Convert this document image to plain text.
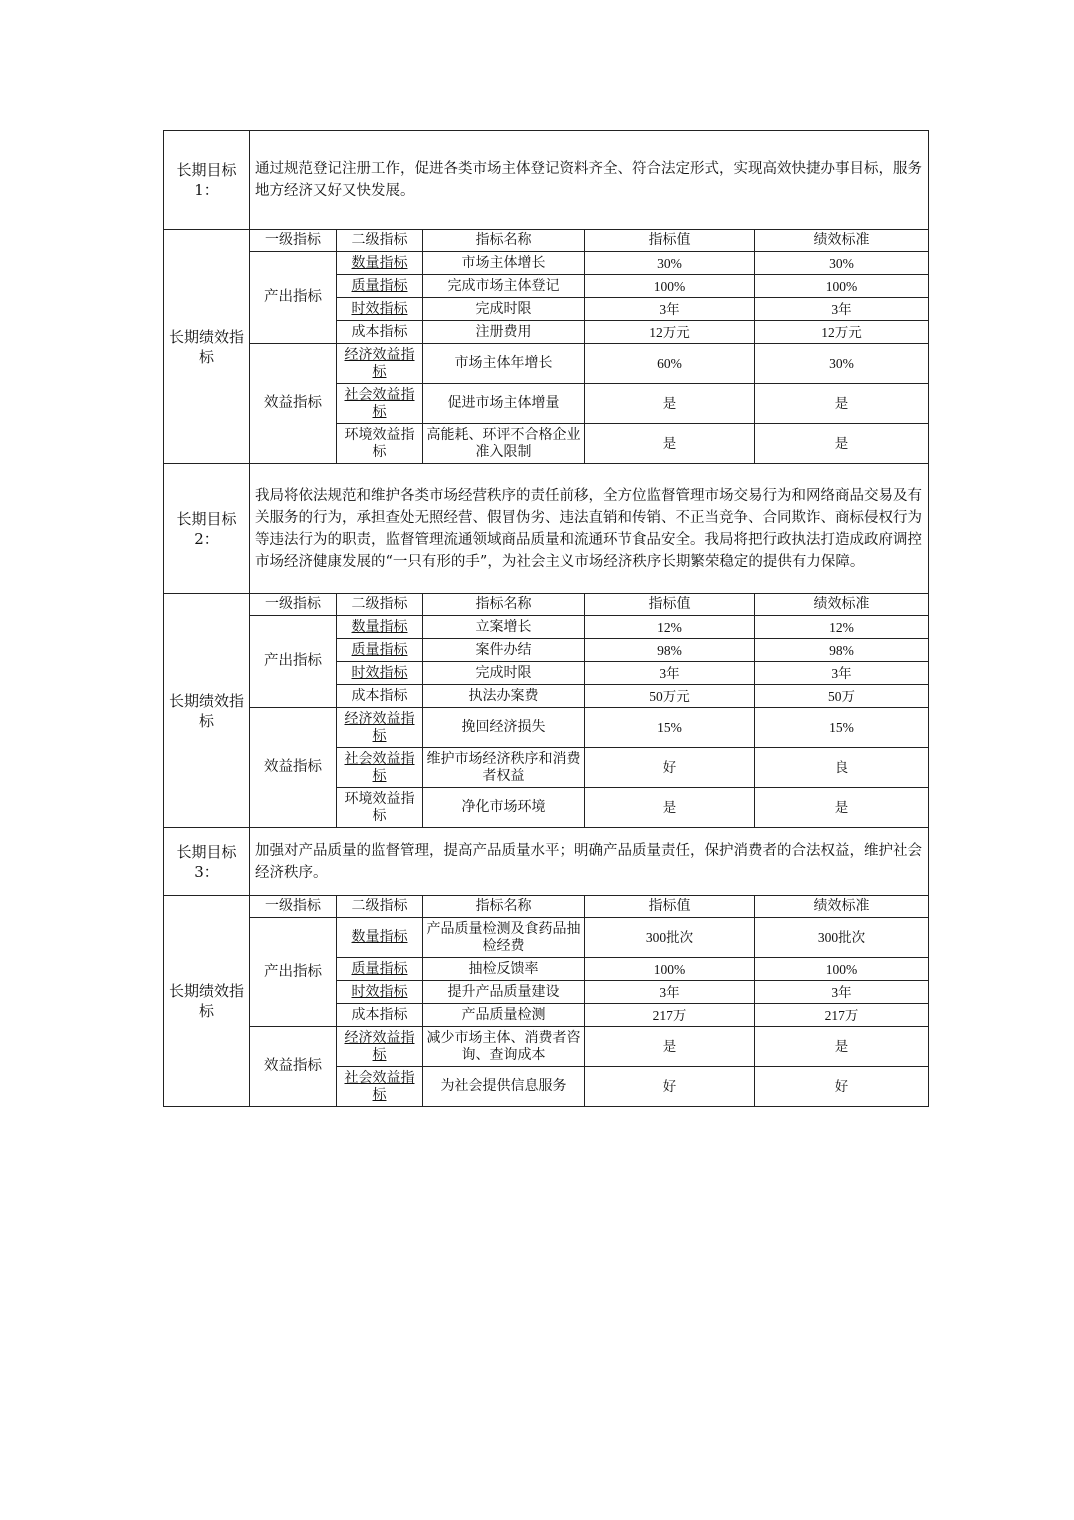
长期目标1：	通过规范登记注册工作，促进各类市场主体登记资料齐全、符合法定形式，实现高效快捷办事目标，服务地方经济又好又快发展。				
长期绩效指标	一级指标	二级指标	指标名称	指标值	绩效标准
	产出指标	数量指标	市场主体增长	30%	30%
		质量指标	完成市场主体登记	100%	100%
		时效指标	完成时限	3年	3年
		成本指标	注册费用	12万元	12万元
	效益指标	经济效益指标	市场主体年增长	60%	30%
		社会效益指标	促进市场主体增量	是	是
		环境效益指标	高能耗、环评不合格企业准入限制	是	是
长期目标2：	我局将依法规范和维护各类市场经营秩序的责任前移，全方位监督管理市场交易行为和网络商品交易及有关服务的行为，承担查处无照经营、假冒伪劣、违法直销和传销、不正当竞争、合同欺诈、商标侵权行为等违法行为的职责，监督管理流通领域商品质量和流通环节食品安全。我局将把行政执法打造成政府调控市场经济健康发展的“一只有形的手”，为社会主义市场经济秩序长期繁荣稳定的提供有力保障。				
长期绩效指标	一级指标	二级指标	指标名称	指标值	绩效标准
	产出指标	数量指标	立案增长	12%	12%
		质量指标	案件办结	98%	98%
		时效指标	完成时限	3年	3年
		成本指标	执法办案费	50万元	50万
	效益指标	经济效益指标	挽回经济损失	15%	15%
		社会效益指标	维护市场经济秩序和消费者权益	好	良
		环境效益指标	净化市场环境	是	是
长期目标3：	加强对产品质量的监督管理，提高产品质量水平；明确产品质量责任，保护消费者的合法权益，维护社会经济秩序。				
长期绩效指标	一级指标	二级指标	指标名称	指标值	绩效标准
	产出指标	数量指标	产品质量检测及食药品抽检经费	300批次	300批次
		质量指标	抽检反馈率	100%	100%
		时效指标	提升产品质量建设	3年	3年
		成本指标	产品质量检测	217万	217万
	效益指标	经济效益指标	减少市场主体、消费者咨询、查询成本	是	是
		社会效益指标	为社会提供信息服务	好	好
